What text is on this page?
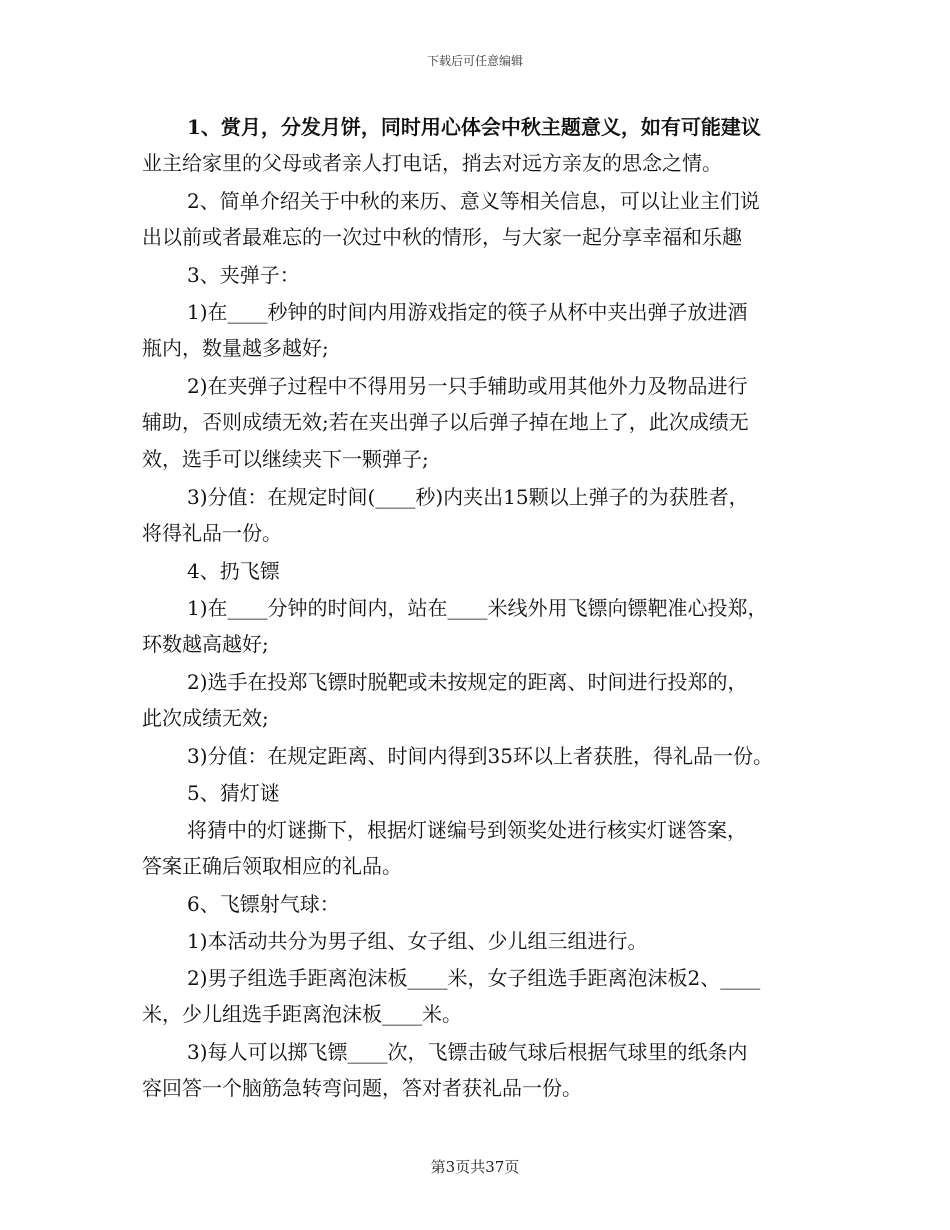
下载后可任意编辑
1、赏月，分发月饼，同时用心体会中秋主题意义，如有可能建议
业主给家里的父母或者亲人打电话，捎去对远方亲友的思念之情。
2、简单介绍关于中秋的来历、意义等相关信息，可以让业主们说
出以前或者最难忘的一次过中秋的情形，与大家一起分享幸福和乐趣
3、夹弹子：
1)在____秒钟的时间内用游戏指定的筷子从杯中夹出弹子放进酒
瓶内，数量越多越好;
2)在夹弹子过程中不得用另一只手辅助或用其他外力及物品进行
辅助，否则成绩无效;若在夹出弹子以后弹子掉在地上了，此次成绩无
效，选手可以继续夹下一颗弹子;
3)分值：在规定时间(____秒)内夹出15颗以上弹子的为获胜者，
将得礼品一份。
4、扔飞镖
1)在____分钟的时间内，站在____米线外用飞镖向镖靶准心投郑，
环数越高越好;
2)选手在投郑飞镖时脱靶或未按规定的距离、时间进行投郑的，
此次成绩无效;
3)分值：在规定距离、时间内得到35环以上者获胜，得礼品一份。
5、猜灯谜
将猜中的灯谜撕下，根据灯谜编号到领奖处进行核实灯谜答案，
答案正确后领取相应的礼品。
6、飞镖射气球：
1)本活动共分为男子组、女子组、少儿组三组进行。
2)男子组选手距离泡沫板____米，女子组选手距离泡沫板2、____
米，少儿组选手距离泡沫板____米。
3)每人可以掷飞镖____次，飞镖击破气球后根据气球里的纸条内
容回答一个脑筋急转弯问题，答对者获礼品一份。
第3页共37页
